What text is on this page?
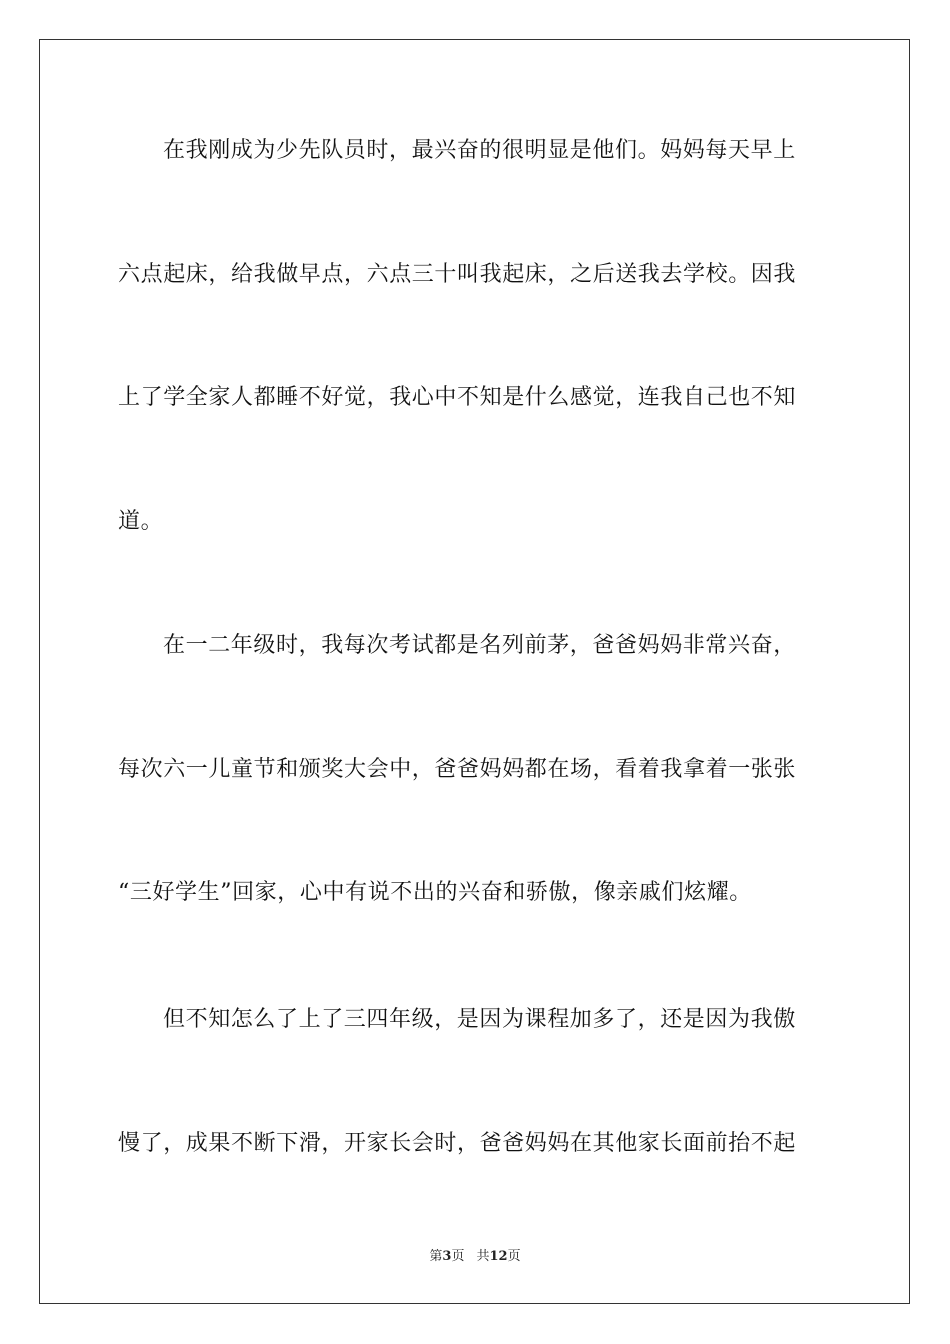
在我刚成为少先队员时，最兴奋的很明显是他们。妈妈每天早上
六点起床，给我做早点，六点三十叫我起床，之后送我去学校。因我
上了学全家人都睡不好觉，我心中不知是什么感觉，连我自己也不知
道。
在一二年级时，我每次考试都是名列前茅，爸爸妈妈非常兴奋，
每次六一儿童节和颁奖大会中，爸爸妈妈都在场，看着我拿着一张张
“三好学生”回家，心中有说不出的兴奋和骄傲，像亲戚们炫耀。
但不知怎么了上了三四年级，是因为课程加多了，还是因为我傲
慢了，成果不断下滑，开家长会时，爸爸妈妈在其他家长面前抬不起
第3页 共12页
